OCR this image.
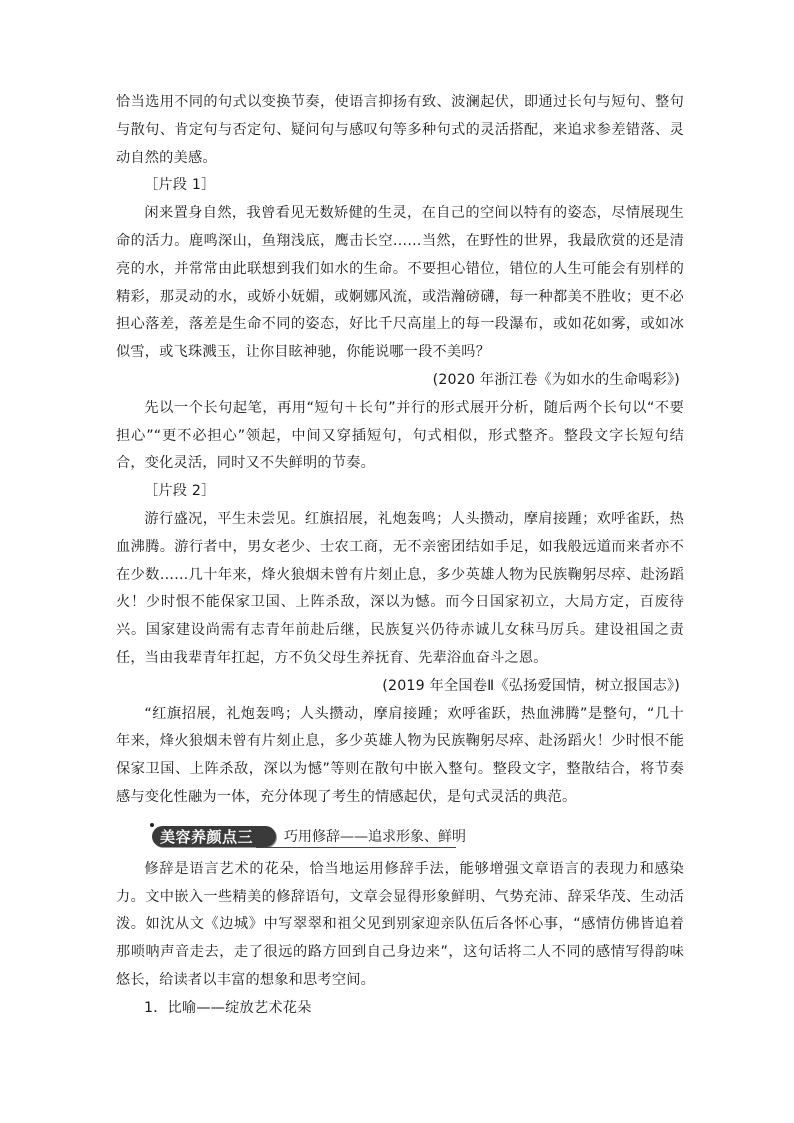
恰当选用不同的句式以变换节奏，使语言抑扬有致、波澜起伏，即通过长句与短句、整句与散句、肯定句与否定句、疑问句与感叹句等多种句式的灵活搭配，来追求参差错落、灵动自然的美感。

［片段 1］

闲来置身自然，我曾看见无数矫健的生灵，在自己的空间以特有的姿态，尽情展现生命的活力。鹿鸣深山，鱼翔浅底，鹰击长空……当然，在野性的世界，我最欣赏的还是清亮的水，并常常由此联想到我们如水的生命。不要担心错位，错位的人生可能会有别样的精彩，那灵动的水，或娇小妩媚，或婀娜风流，或浩瀚磅礴，每一种都美不胜收；更不必担心落差，落差是生命不同的姿态，好比千尺高崖上的每一段瀑布，或如花如雾，或如冰似雪，或飞珠溅玉，让你目眩神驰，你能说哪一段不美吗？

(2020 年浙江卷《为如水的生命喝彩》)

先以一个长句起笔，再用“短句＋长句”并行的形式展开分析，随后两个长句以“不要担心”“更不必担心”领起，中间又穿插短句，句式相似，形式整齐。整段文字长短句结合，变化灵活，同时又不失鲜明的节奏。

［片段 2］

游行盛况，平生未尝见。红旗招展，礼炮轰鸣；人头攒动，摩肩接踵；欢呼雀跃，热血沸腾。游行者中，男女老少、士农工商，无不亲密团结如手足，如我般远道而来者亦不在少数……几十年来，烽火狼烟未曾有片刻止息，多少英雄人物为民族鞠躬尽瘁、赴汤蹈火！少时恨不能保家卫国、上阵杀敌，深以为憾。而今日国家初立，大局方定，百废待兴。国家建设尚需有志青年前赴后继，民族复兴仍待赤诚儿女秣马厉兵。建设祖国之责任，当由我辈青年扛起，方不负父母生养抚育、先辈浴血奋斗之恩。

(2019 年全国卷Ⅱ《弘扬爱国情，树立报国志》)

“红旗招展，礼炮轰鸣；人头攒动，摩肩接踵；欢呼雀跃，热血沸腾”是整句，“几十年来，烽火狼烟未曾有片刻止息，多少英雄人物为民族鞠躬尽瘁、赴汤蹈火！少时恨不能保家卫国、上阵杀敌，深以为憾”等则在散句中嵌入整句。整段文字，整散结合，将节奏感与变化性融为一体，充分体现了考生的情感起伏，是句式灵活的典范。

美容养颜点三 巧用修辞——追求形象、鲜明

修辞是语言艺术的花朵，恰当地运用修辞手法，能够增强文章语言的表现力和感染力。文中嵌入一些精美的修辞语句，文章会显得形象鲜明、气势充沛、辞采华茂、生动活泼。如沈从文《边城》中写翠翠和祖父见到别家迎亲队伍后各怀心事，“感情仿佛皆追着那唢呐声音走去，走了很远的路方回到自己身边来”，这句话将二人不同的感情写得韵味悠长，给读者以丰富的想象和思考空间。

1．比喻——绽放艺术花朵
